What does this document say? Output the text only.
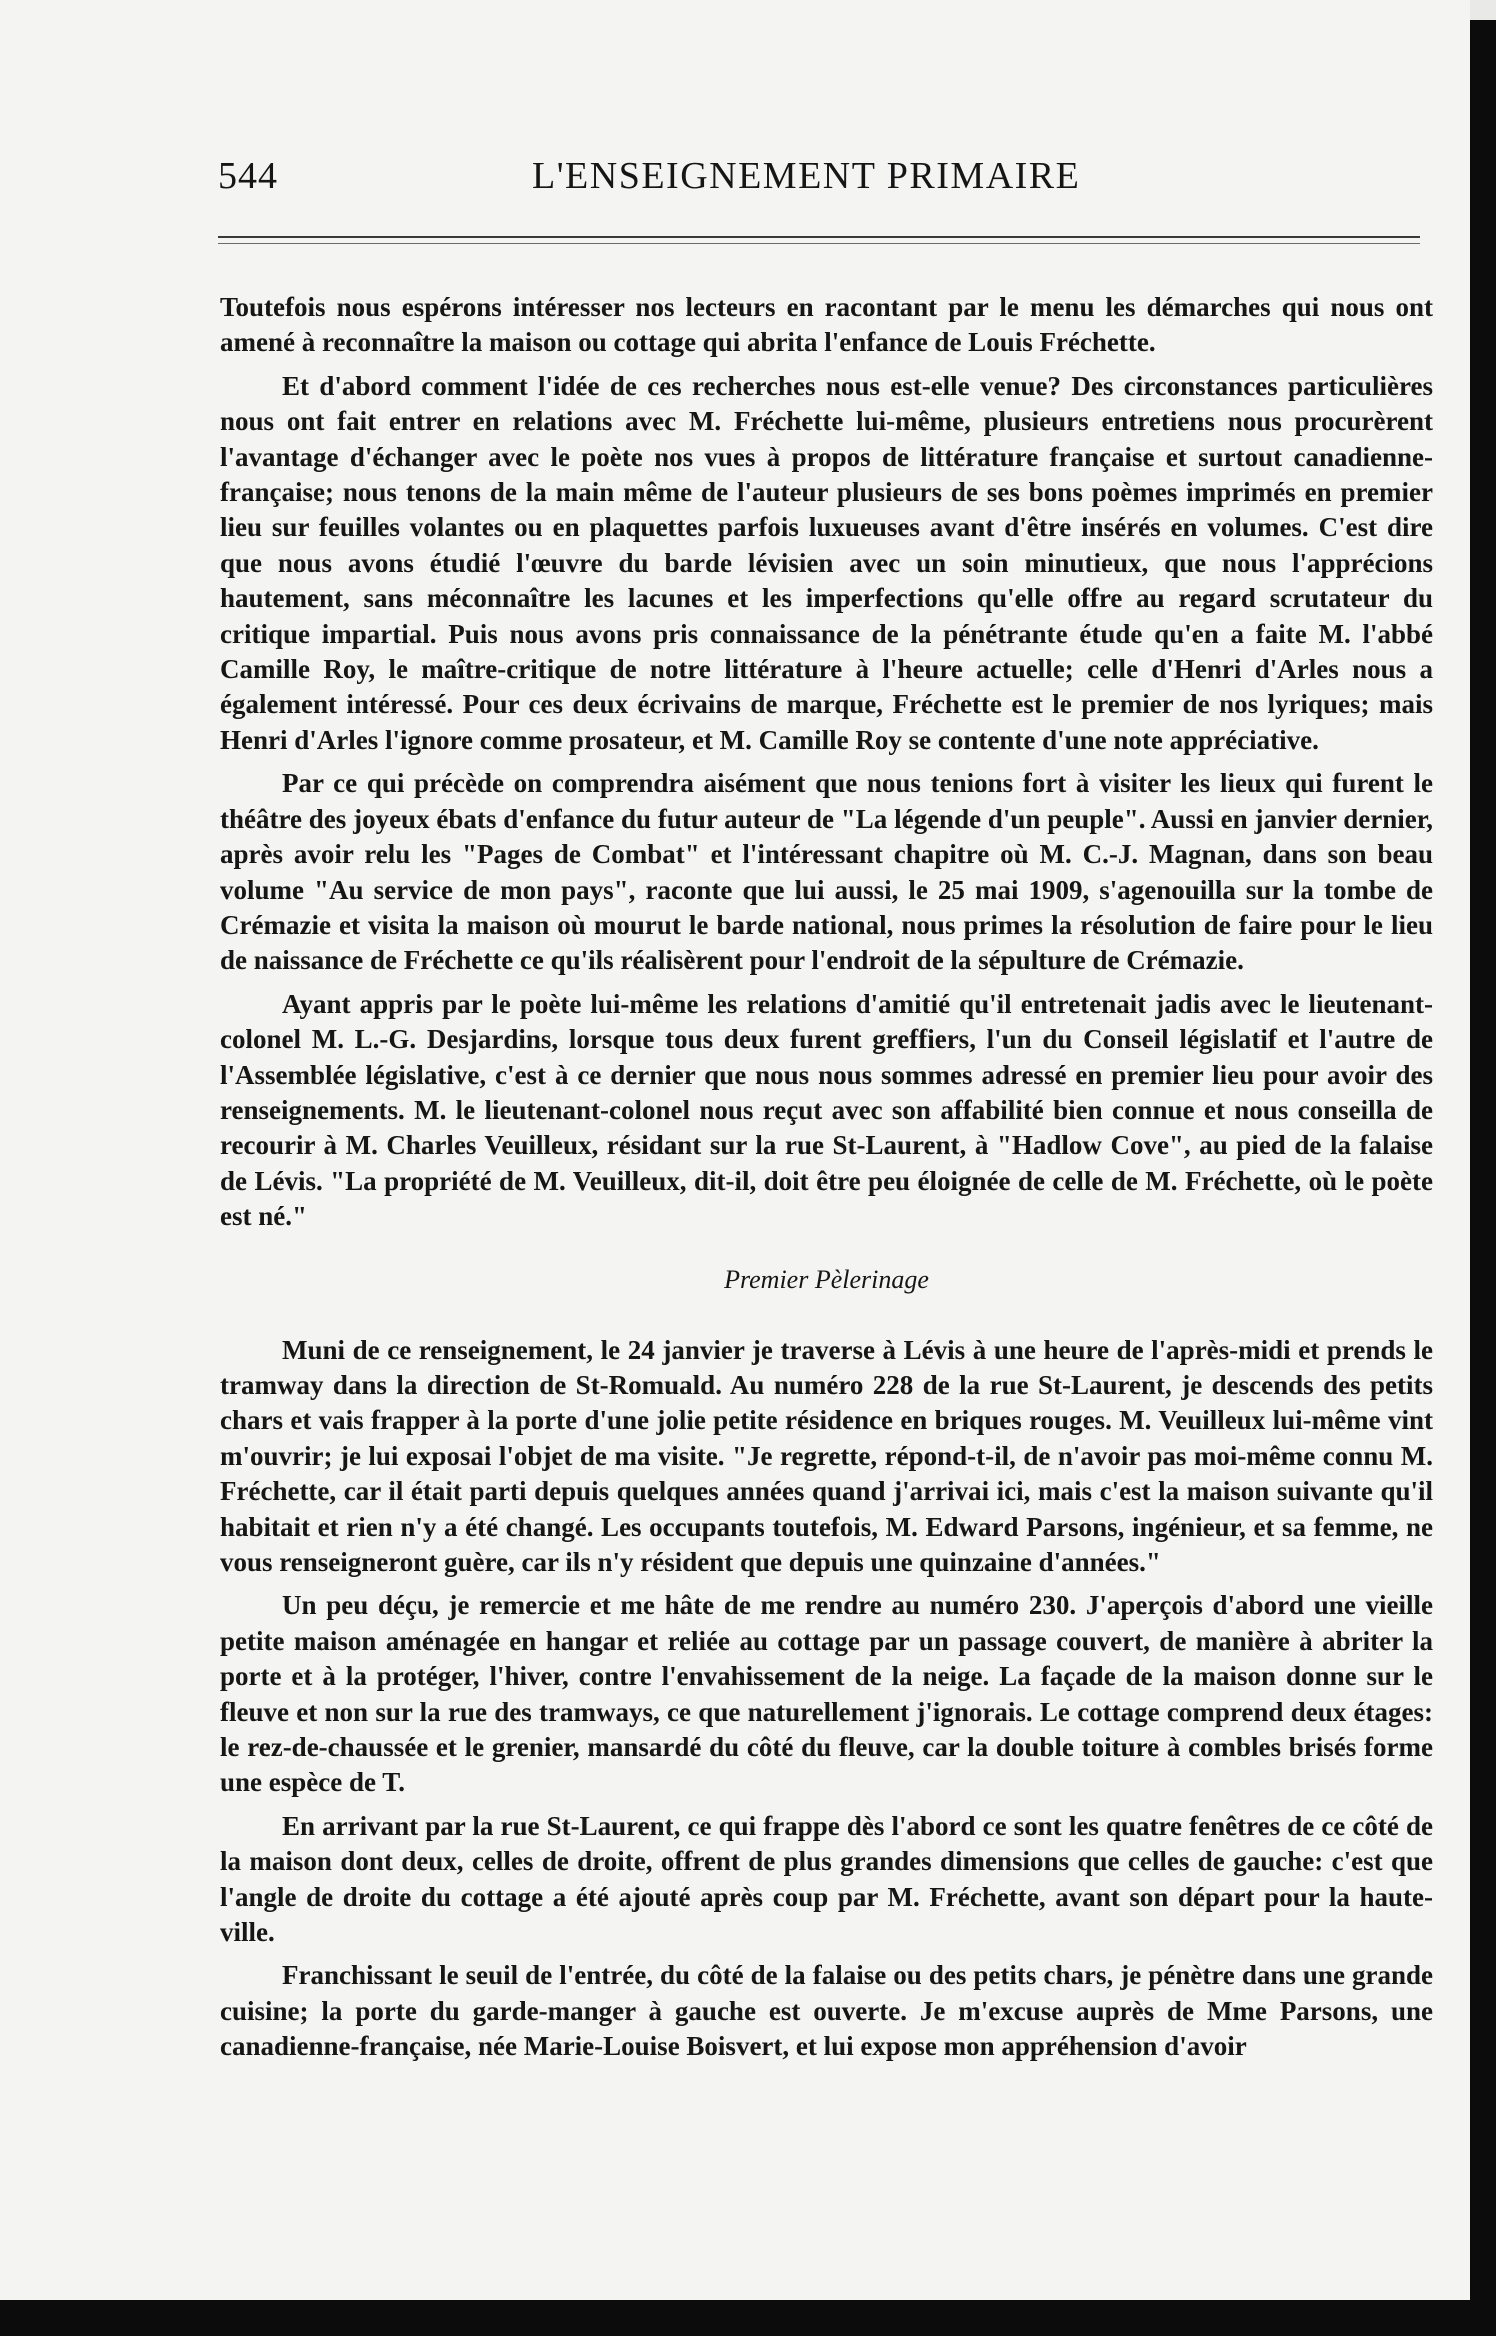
544	L'ENSEIGNEMENT PRIMAIRE

Toutefois nous espérons intéresser nos lecteurs en racontant par le menu les démarches qui nous ont amené à reconnaître la maison ou cottage qui abrita l'enfance de Louis Fréchette.

Et d'abord comment l'idée de ces recherches nous est-elle venue? Des circonstances particulières nous ont fait entrer en relations avec M. Fréchette lui-même, plusieurs entretiens nous procurèrent l'avantage d'échanger avec le poète nos vues à propos de littérature française et surtout canadienne-française; nous tenons de la main même de l'auteur plusieurs de ses bons poèmes imprimés en premier lieu sur feuilles volantes ou en plaquettes parfois luxueuses avant d'être insérés en volumes. C'est dire que nous avons étudié l'œuvre du barde lévisien avec un soin minutieux, que nous l'apprécions hautement, sans méconnaître les lacunes et les imperfections qu'elle offre au regard scrutateur du critique impartial. Puis nous avons pris connaissance de la pénétrante étude qu'en a faite M. l'abbé Camille Roy, le maître-critique de notre littérature à l'heure actuelle; celle d'Henri d'Arles nous a également intéressé. Pour ces deux écrivains de marque, Fréchette est le premier de nos lyriques; mais Henri d'Arles l'ignore comme prosateur, et M. Camille Roy se contente d'une note appréciative.

Par ce qui précède on comprendra aisément que nous tenions fort à visiter les lieux qui furent le théâtre des joyeux ébats d'enfance du futur auteur de "La légende d'un peuple". Aussi en janvier dernier, après avoir relu les "Pages de Combat" et l'intéressant chapitre où M. C.-J. Magnan, dans son beau volume "Au service de mon pays", raconte que lui aussi, le 25 mai 1909, s'agenouilla sur la tombe de Crémazie et visita la maison où mourut le barde national, nous primes la résolution de faire pour le lieu de naissance de Fréchette ce qu'ils réalisèrent pour l'endroit de la sépulture de Crémazie.

Ayant appris par le poète lui-même les relations d'amitié qu'il entretenait jadis avec le lieutenant-colonel M. L.-G. Desjardins, lorsque tous deux furent greffiers, l'un du Conseil législatif et l'autre de l'Assemblée législative, c'est à ce dernier que nous nous sommes adressé en premier lieu pour avoir des renseignements. M. le lieutenant-colonel nous reçut avec son affabilité bien connue et nous conseilla de recourir à M. Charles Veuilleux, résidant sur la rue St-Laurent, à "Hadlow Cove", au pied de la falaise de Lévis. "La propriété de M. Veuilleux, dit-il, doit être peu éloignée de celle de M. Fréchette, où le poète est né."

Premier Pèlerinage

Muni de ce renseignement, le 24 janvier je traverse à Lévis à une heure de l'après-midi et prends le tramway dans la direction de St-Romuald. Au numéro 228 de la rue St-Laurent, je descends des petits chars et vais frapper à la porte d'une jolie petite résidence en briques rouges. M. Veuilleux lui-même vint m'ouvrir; je lui exposai l'objet de ma visite. "Je regrette, répond-t-il, de n'avoir pas moi-même connu M. Fréchette, car il était parti depuis quelques années quand j'arrivai ici, mais c'est la maison suivante qu'il habitait et rien n'y a été changé. Les occupants toutefois, M. Edward Parsons, ingénieur, et sa femme, ne vous renseigneront guère, car ils n'y résident que depuis une quinzaine d'années."

Un peu déçu, je remercie et me hâte de me rendre au numéro 230. J'aperçois d'abord une vieille petite maison aménagée en hangar et reliée au cottage par un passage couvert, de manière à abriter la porte et à la protéger, l'hiver, contre l'envahissement de la neige. La façade de la maison donne sur le fleuve et non sur la rue des tramways, ce que naturellement j'ignorais. Le cottage comprend deux étages: le rez-de-chaussée et le grenier, mansardé du côté du fleuve, car la double toiture à combles brisés forme une espèce de T.

En arrivant par la rue St-Laurent, ce qui frappe dès l'abord ce sont les quatre fenêtres de ce côté de la maison dont deux, celles de droite, offrent de plus grandes dimensions que celles de gauche: c'est que l'angle de droite du cottage a été ajouté après coup par M. Fréchette, avant son départ pour la haute-ville.

Franchissant le seuil de l'entrée, du côté de la falaise ou des petits chars, je pénètre dans une grande cuisine; la porte du garde-manger à gauche est ouverte. Je m'excuse auprès de Mme Parsons, une canadienne-française, née Marie-Louise Boisvert, et lui expose mon appréhension d'avoir
